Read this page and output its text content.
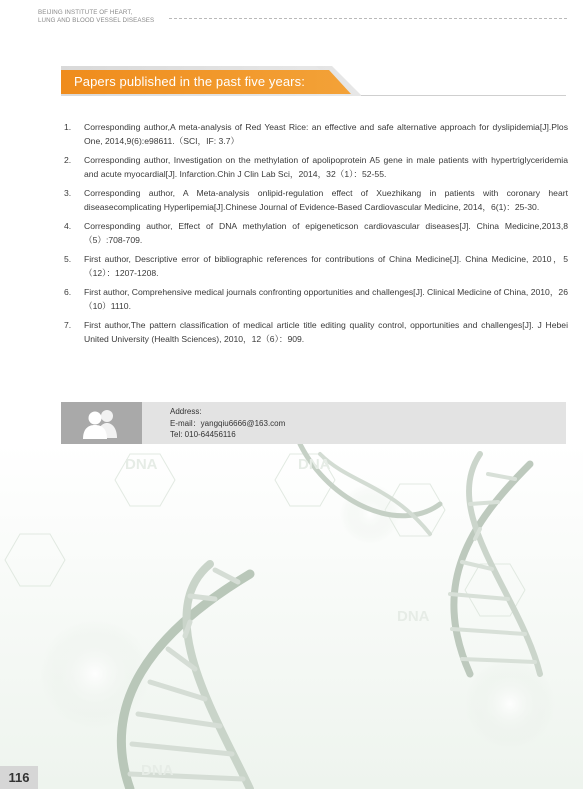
BEIJING INSTITUTE OF HEART,
LUNG AND BLOOD VESSEL DISEASES
Papers published in the past five years:
1. Corresponding author,A meta-analysis of Red Yeast Rice: an effective and safe alternative approach for dyslipidemia[J].Plos One, 2014,9(6):e98611.（SCI，IF: 3.7）
2. Corresponding author, Investigation on the methylation of apolipoprotein A5 gene in male patients with hypertriglyceridemia and acute myocardial[J]. Infarction.Chin J Clin Lab Sci，2014，32（1）：52-55.
3. Corresponding author, A Meta-analysis onlipid-regulation effect of Xuezhikang in patients with coronary heart diseasecomplicating Hyperlipemia[J].Chinese Journal of Evidence-Based Cardiovascular Medicine, 2014，6(1)：25-30.
4. Corresponding author, Effect of DNA methylation of epigeneticson cardiovascular diseases[J]. China Medicine,2013,8（5）:708-709.
5. First author, Descriptive error of bibliographic references for contributions of China Medicine[J]. China Medicine, 2010，5（12）：1207-1208.
6. First author, Comprehensive medical journals confronting opportunities and challenges[J]. Clinical Medicine of China, 2010，26（10）1110.
7. First author,The pattern classification of medical article title editing quality control, opportunities and challenges[J]. J Hebei United University (Health Sciences), 2010，12（6）：909.
Address:
E-mail：yangqiu6666@163.com
Tel: 010-64456116
DNA	DNA
DNA
DNA
116
